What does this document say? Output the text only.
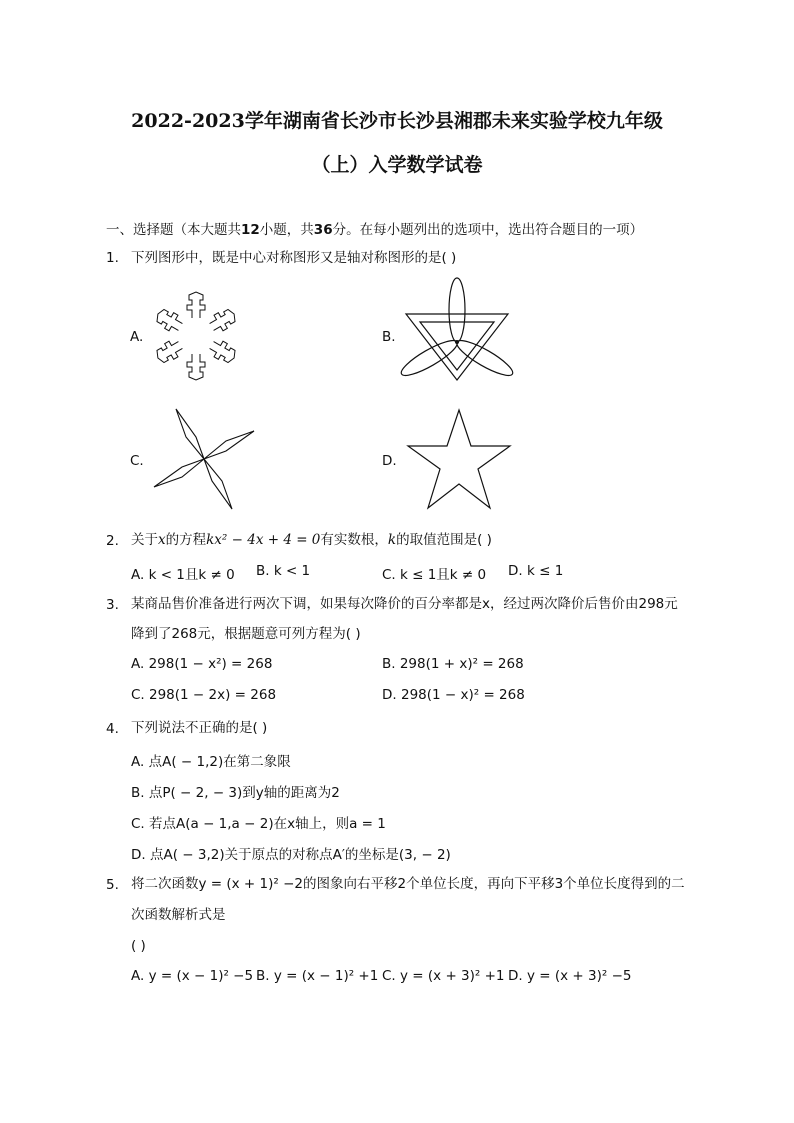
2022-2023学年湖南省长沙市长沙县湘郡未来实验学校九年级
（上）入学数学试卷
一、选择题（本大题共12小题，共36分。在每小题列出的选项中，选出符合题目的一项）
1. 下列图形中，既是中心对称图形又是轴对称图形的是( )
A.	B.
C.	D.
2. 关于x的方程kx² − 4x + 4 = 0有实数根，k的取值范围是( )
A. k < 1且k ≠ 0 B. k < 1	C. k ≤ 1且k ≠ 0 D. k ≤ 1
3. 某商品售价准备进行两次下调，如果每次降价的百分率都是x，经过两次降价后售价由298元
降到了268元，根据题意可列方程为( )
A. 298(1 − x²) = 268	B. 298(1 + x)² = 268
C. 298(1 − 2x) = 268	D. 298(1 − x)² = 268
4. 下列说法不正确的是( )
A. 点A( − 1,2)在第二象限
B. 点P( − 2, − 3)到y轴的距离为2
C. 若点A(a − 1,a − 2)在x轴上，则a = 1
D. 点A( − 3,2)关于原点的对称点A′的坐标是(3, − 2)
5. 将二次函数y = (x + 1)² −2的图象向右平移2个单位长度，再向下平移3个单位长度得到的二
次函数解析式是
( )
A. y = (x − 1)² −5 B. y = (x − 1)² +1 C. y = (x + 3)² +1 D. y = (x + 3)² −5
